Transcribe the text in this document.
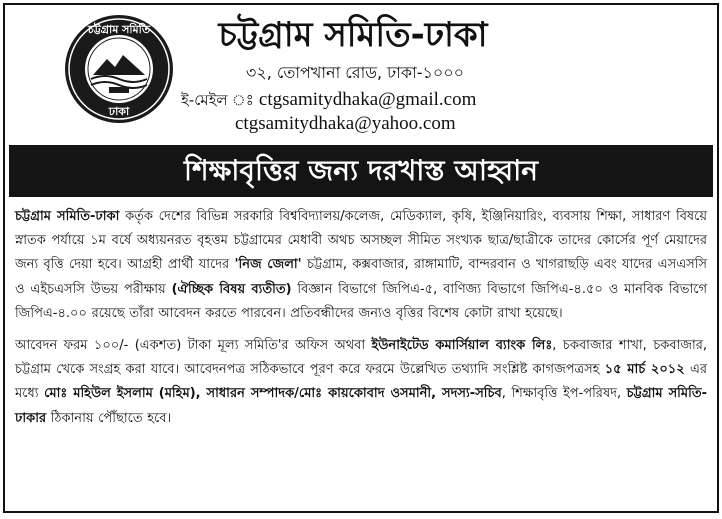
চট্টগ্রাম সমিতি
ঢাকা
চট্টগ্রাম সমিতি-ঢাকা
৩২, তোপখানা রোড, ঢাকা-১০০০
ই-মেইল ঃ ctgsamitydhaka@gmail.com
ctgsamitydhaka@yahoo.com
শিক্ষাবৃত্তির জন্য দরখাস্ত আহ্বান

চট্টগ্রাম সমিতি-ঢাকা কর্তৃক দেশের বিভিন্ন সরকারি বিশ্ববিদ্যালয়/কলেজ, মেডিক্যাল, কৃষি, ইঞ্জিনিয়ারিং, ব্যবসায় শিক্ষা, সাধারণ বিষয়ে স্নাতক পর্যায়ে ১ম বর্ষে অধ্যয়নরত বৃহত্তম চট্টগ্রামের মেধাবী অথচ অসচ্ছল সীমিত সংখ্যক ছাত্র/ছাত্রীকে তাদের কোর্সের পূর্ণ মেয়াদের জন্য বৃত্তি দেয়া হবে। আগ্রহী প্রার্থী যাদের 'নিজ জেলা' চট্টগ্রাম, কক্সবাজার, রাঙ্গামাটি, বান্দরবান ও খাগরাছড়ি এবং যাদের এসএসসি ও এইচএসসি উভয় পরীক্ষায় (ঐচ্ছিক বিষয় ব্যতীত) বিজ্ঞান বিভাগে জিপিএ-৫, বাণিজ্য বিভাগে জিপিএ-৪.৫০ ও মানবিক বিভাগে জিপিএ-৪.০০ রয়েছে তাঁরা আবেদন করতে পারবেন। প্রতিবন্ধীদের জন্যও বৃত্তির বিশেষ কোটা রাখা হয়েছে।

আবেদন ফরম ১০০/- (একশত) টাকা মূল্য সমিতি'র অফিস অথবা ইউনাইটেড কমার্সিয়াল ব্যাংক লিঃ, চকবাজার শাখা, চকবাজার, চট্টগ্রাম খেকে সংগ্রহ করা যাবে। আবেদনপত্র সঠিকভাবে পূরণ করে ফরমে উল্লেখিত তথ্যাদি সংশ্লিষ্ট কাগজপত্রসহ ১৫ মার্চ ২০১২ এর মধ্যে মোঃ মহিউল ইসলাম (মহিম), সাধারন সম্পাদক/মোঃ কায়কোবাদ ওসমানী, সদস্য-সচিব, শিক্ষাবৃত্তি ইপ-পরিষদ, চট্টগ্রাম সমিতি-ঢাকার ঠিকানায় পৌঁছাতে হবে।
